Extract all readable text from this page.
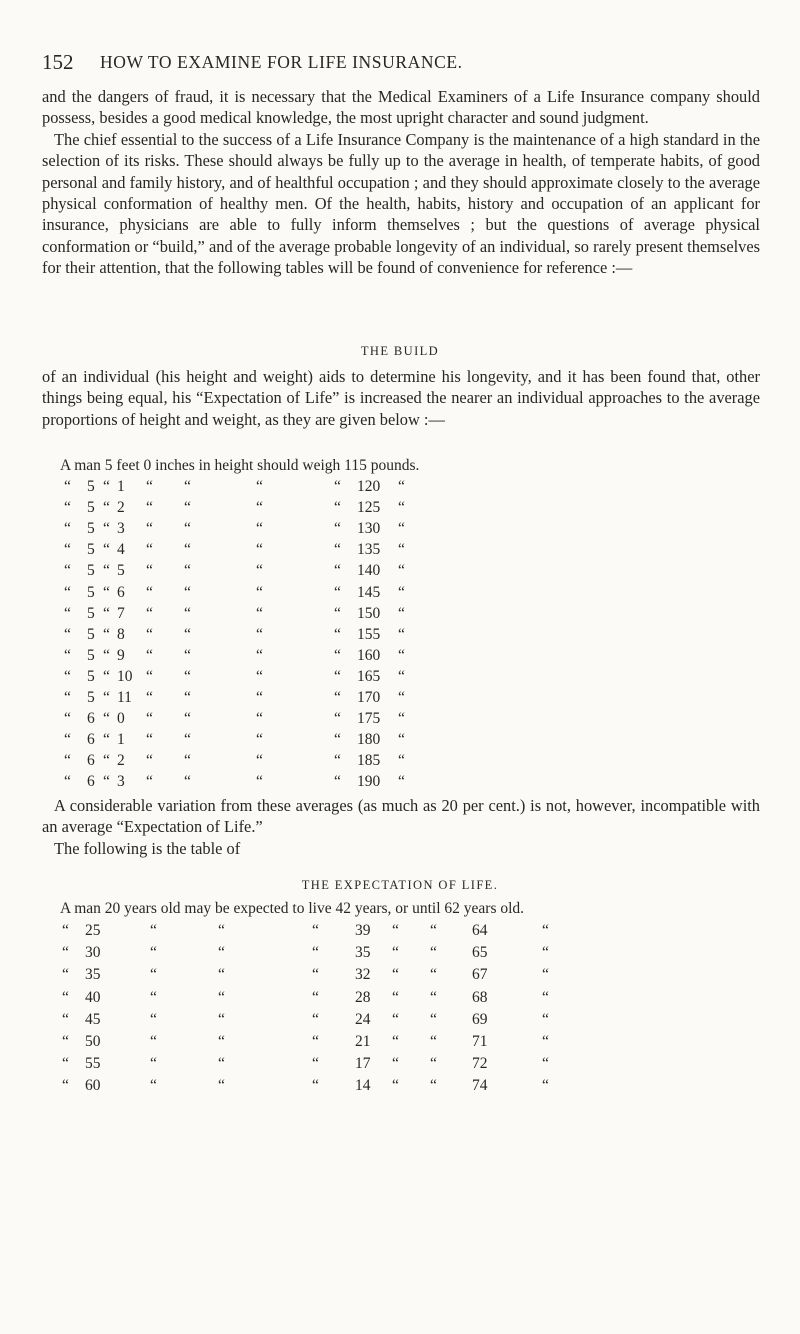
152 HOW TO EXAMINE FOR LIFE INSURANCE.

and the dangers of fraud, it is necessary that the Medical Examiners of a Life Insurance company should possess, besides a good medical knowledge, the most upright character and sound judgment.

The chief essential to the success of a Life Insurance Company is the maintenance of a high standard in the selection of its risks. These should always be fully up to the average in health, of temperate habits, of good personal and family history, and of healthful occupation ; and they should approximate closely to the average physical conformation of healthy men. Of the health, habits, history and occupation of an applicant for insurance, physicians are able to fully inform themselves ; but the questions of average physical conformation or “build,” and of the average probable longevity of an individual, so rarely present themselves for their attention, that the following tables will be found of convenience for reference :—

THE BUILD

of an individual (his height and weight) aids to determine his longevity, and it has been found that, other things being equal, his “Expectation of Life” is increased the nearer an individual approaches to the average proportions of height and weight, as they are given below :—

A man 5 feet 0 inches in height should weigh 115 pounds.
“ 5 “ 1 “ “	“	“ 120 “
“ 5 “ 2 “ “	“	“ 125 “
“ 5 “ 3 “ “	“	“ 130 “
“ 5 “ 4 “ “	“	“ 135 “
“ 5 “ 5 “ “	“	“ 140 “
“ 5 “ 6 “ “	“	“ 145 “
“ 5 “ 7 “ “	“	“ 150 “
“ 5 “ 8 “ “	“	“ 155 “
“ 5 “ 9 “ “	“	“ 160 “
“ 5 “ 10 “ “	“	“ 165 “
“ 5 “ 11 “ “	“	“ 170 “
“ 6 “ 0 “ “	“	“ 175 “
“ 6 “ 1 “ “	“	“ 180 “
“ 6 “ 2 “ “	“	“ 185 “
“ 6 “ 3 “ “	“	“ 190 “

A considerable variation from these averages (as much as 20 per cent.) is not, however, incompatible with an average “Expectation of Life.”

The following is the table of

THE EXPECTATION OF LIFE.
A man 20 years old may be expected to live 42 years, or until 62 years old.
“ 25	“	“	“ 39 “ “ 64	“
“ 30	“	“	“ 35 “ “ 65	“
“ 35	“	“	“ 32 “ “ 67	“
“ 40	“	“	“ 28 “ “ 68	“
“ 45	“	“	“ 24 “ “ 69	“
“ 50	“	“	“ 21 “ “ 71	“
“ 55	“	“	“ 17 “ “ 72	“
“ 60	“	“	“ 14 “ “ 74	“
